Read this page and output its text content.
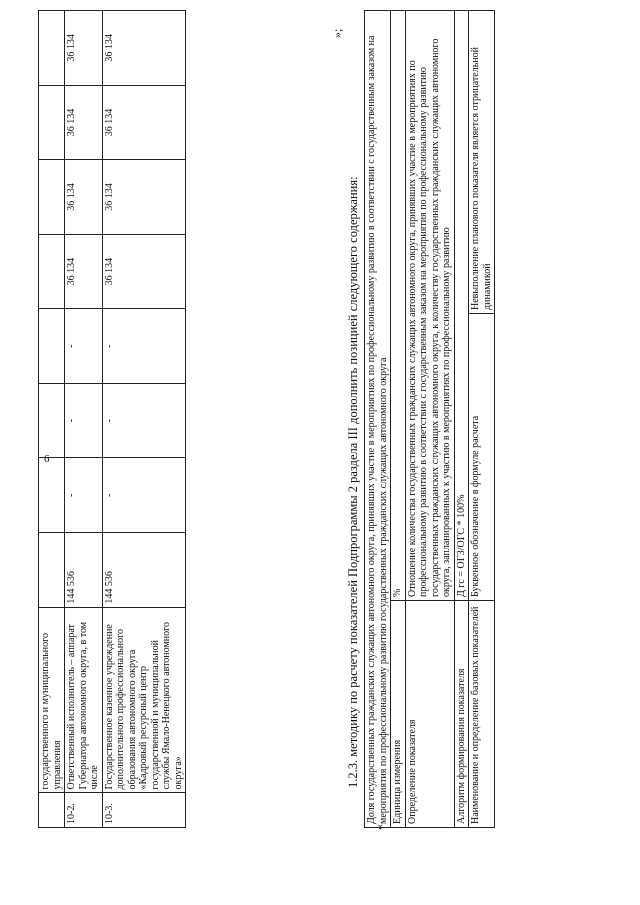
6
	государственного и муниципального управления								
10-2.	Ответственный исполнитель – аппарат Губернатора автономного округа, в том числе	144 536	-	-	-	36 134	36 134	36 134	36 134
10-3.	Государственное казенное учреждение дополнительного профессионального образования автономного округа «Кадровый ресурсный центр государственной и муниципальной службы Ямало-Ненецкого автономного округа»	144 536	-	-	-	36 134	36 134	36 134	36 134
»;
1.2.3. методику по расчету показателей Подпрограммы 2 раздела III дополнить позицией следующего содержания:
«
Доля государственных гражданских служащих автономного округа, принявших участие в мероприятиях по профессиональному развитию в соответствии с государственным заказом на мероприятия по профессиональному развитию государственных гражданских служащих автономного округа		
Единица измерения	%	
Определение показателя	Отношение количества государственных гражданских служащих автономного округа, принявших участие в мероприятиях по профессиональному развитию в соответствии с государственным заказом на мероприятия по профессиональному развитию государственных гражданских служащих автономного округа, к количеству государственных гражданских служащих автономного округа, запланированных к участию в мероприятиях по профессиональному развитию	
Алгоритм формирования показателя	Д гс = ОГЗ/ОГС * 100%	
Наименование и определение базовых показателей	Буквенное обозначение в формуле расчета	Невыполнение планового показателя является отрицательной динамикой
